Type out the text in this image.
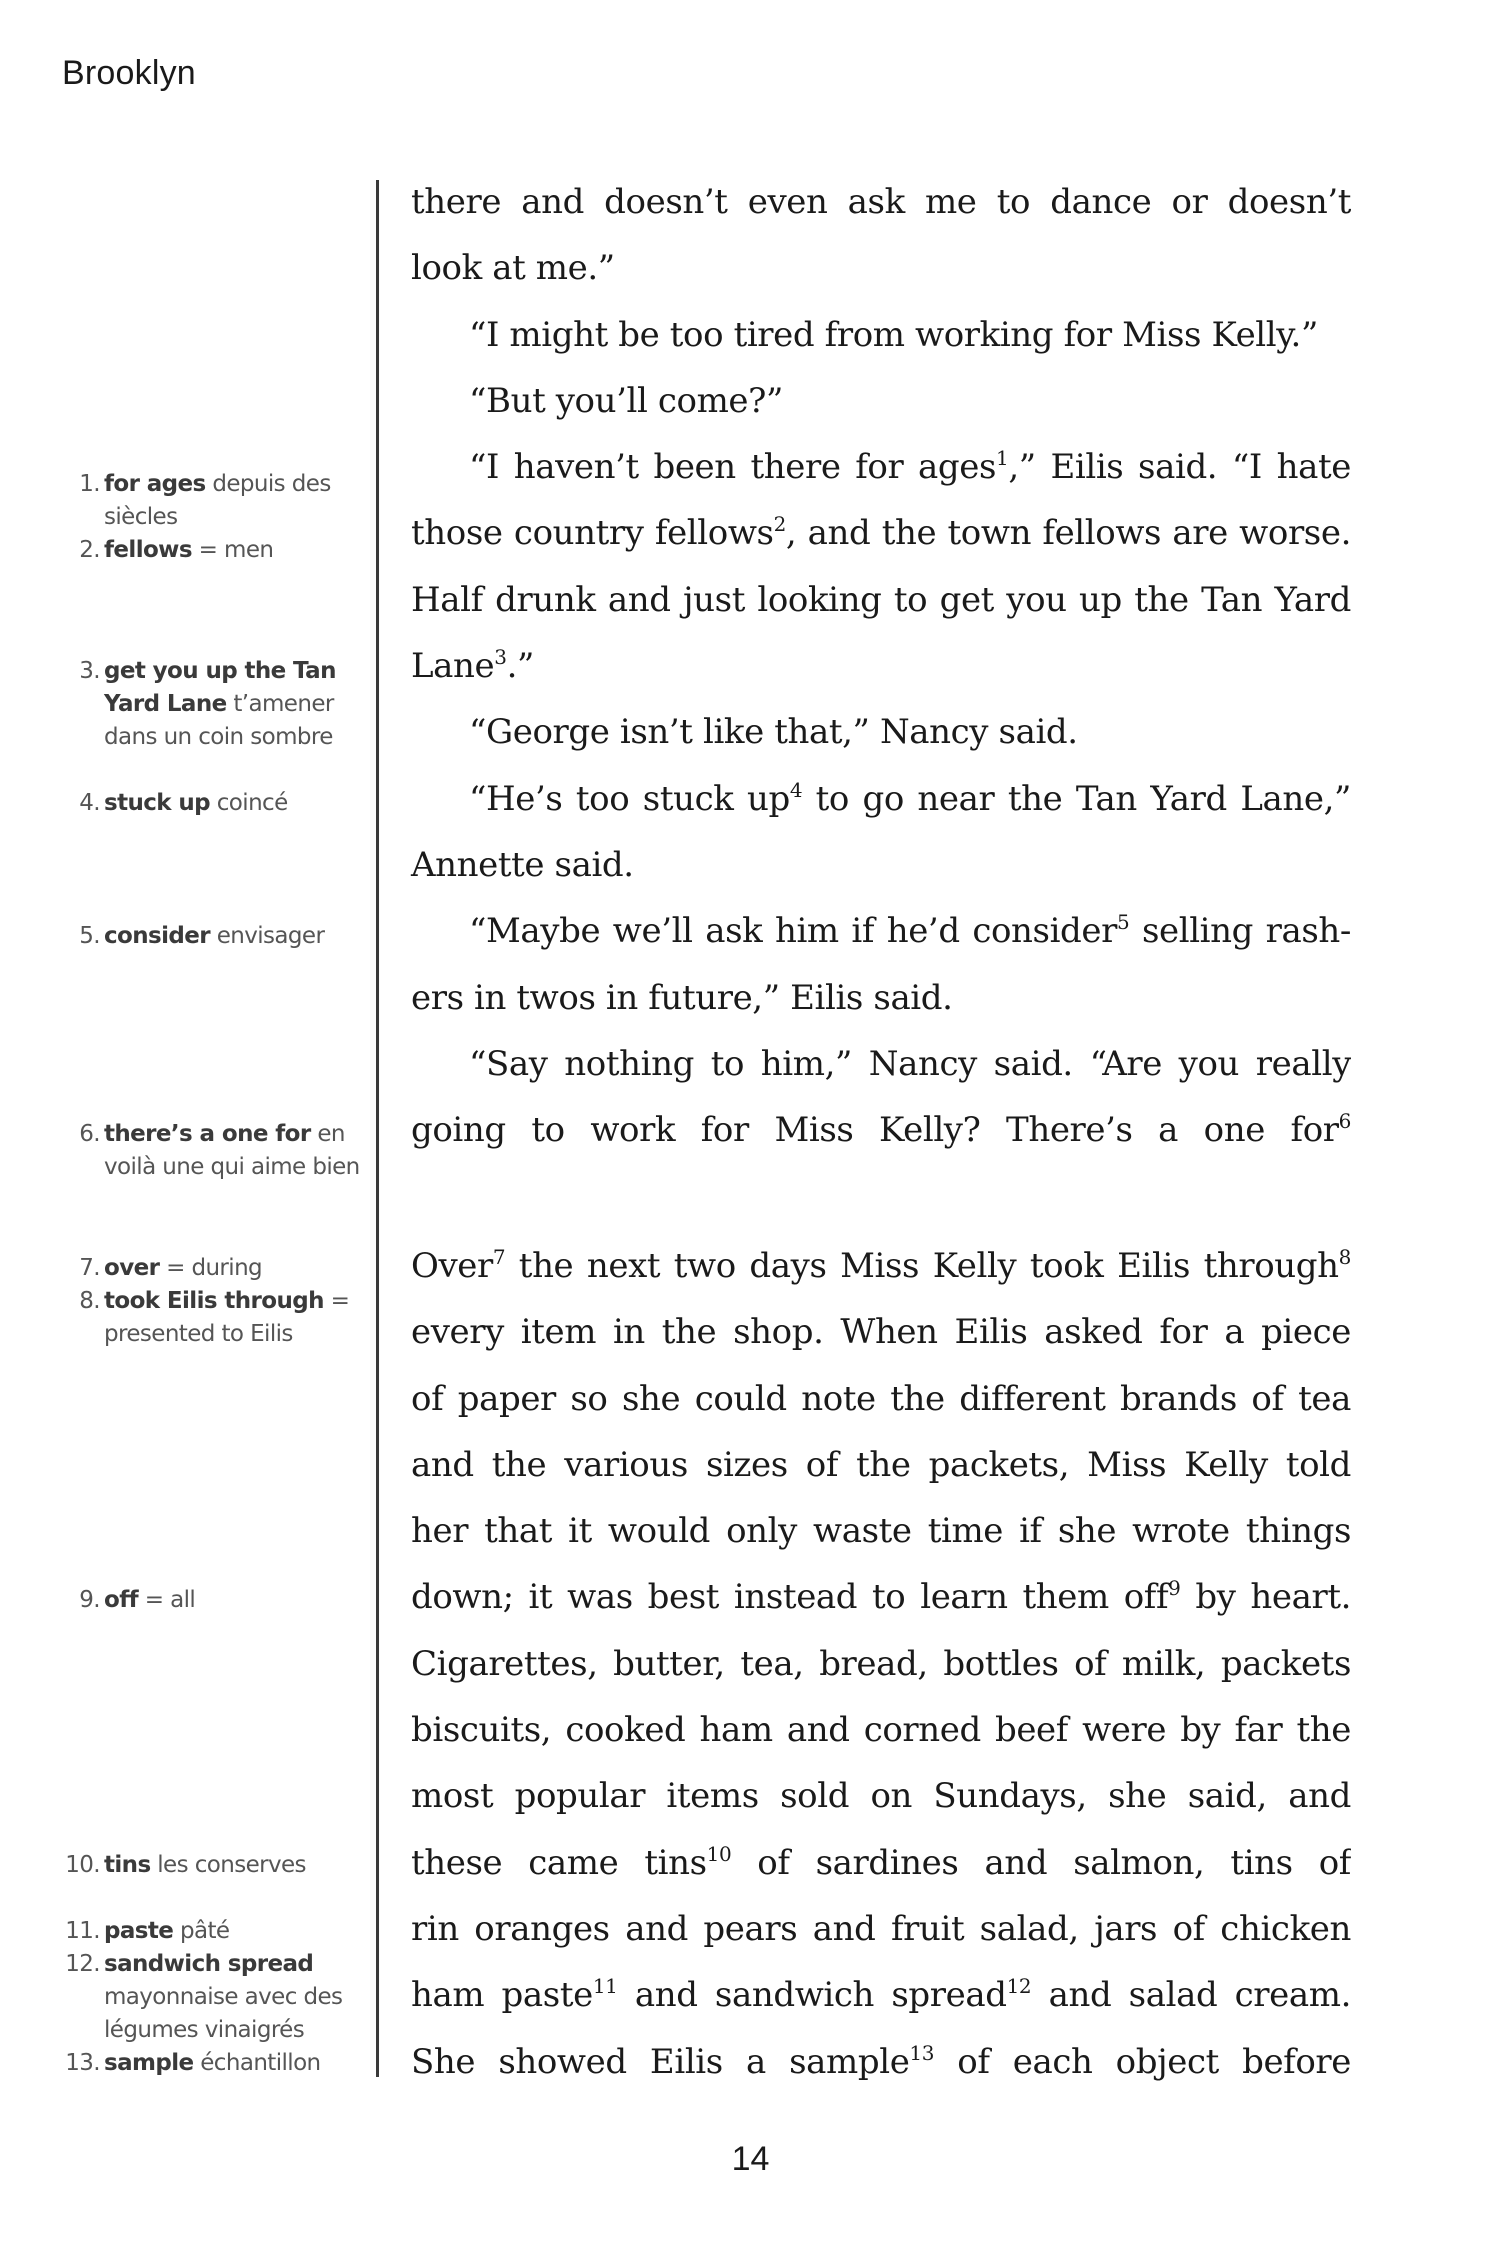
Brooklyn
1. for ages depuis des siècles
2. fellows = men
3. get you up the Tan Yard Lane t’amener dans un coin sombre
4. stuck up coincé
5. consider envisager
6. there’s a one for en voilà une qui aime bien
7. over = during
8. took Eilis through = presented to Eilis
9. off = all
10. tins les conserves
11. paste pâté
12. sandwich spread mayonnaise avec des légumes vinaigrés
13. sample échantillon
there and doesn’t even ask me to dance or doesn’t
look at me.”
“I might be too tired from working for Miss Kelly.”
“But you’ll come?”
“I haven’t been there for ages$^1$,” Eilis said. “I hate
those country fellows$^2$, and the town fellows are worse.
Half drunk and just looking to get you up the Tan Yard
Lane$^3$.”
“George isn’t like that,” Nancy said.
“He’s too stuck $up^4$ to go near the Tan Yard Lane,”
Annette said.
“Maybe we’ll ask him if he’d consider$^5$ selling rash-
ers in twos in future,” Eilis said.
“Say nothing to him,” Nancy said. “Are you really
going to work for Miss Kelly? There’s a one for$^6$
Over$^7$ the next two days Miss Kelly took Eilis through$^8$
every item in the shop. When Eilis asked for a piece
of paper so she could note the different brands of tea
and the various sizes of the packets, Miss Kelly told
her that it would only waste time if she wrote things
down; it was best instead to learn them off$^9$ by heart.
Cigarettes, butter, tea, bread, bottles of milk, packets
biscuits, cooked ham and corned beef were by far the
most popular items sold on Sundays, she said, and
these came tins$^{10}$ of sardines and salmon, tins of
rin oranges and pears and fruit salad, jars of chicken
ham paste$^{11}$ and sandwich spread$^{12}$ and salad cream.
She showed Eilis a sample$^{13}$ of each object before
14
